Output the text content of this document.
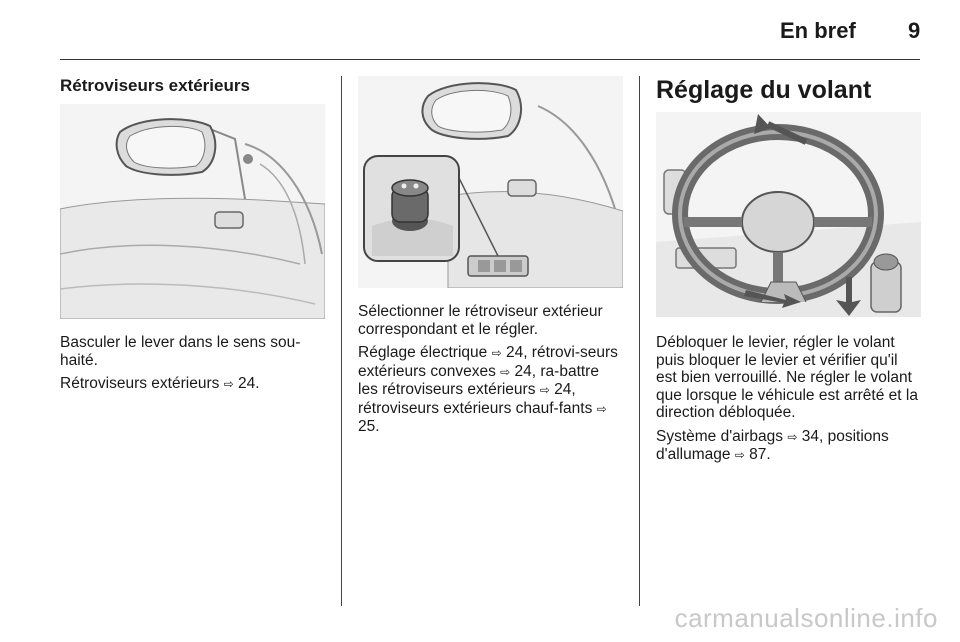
En bref 9
Rétroviseurs extérieurs

Basculer le lever dans le sens sou-haité.

Rétroviseurs extérieurs ⇨ 24.

Sélectionner le rétroviseur extérieur correspondant et le régler.

Réglage électrique ⇨ 24, rétrovi-seurs extérieurs convexes ⇨ 24, ra-battre les rétroviseurs extérieurs ⇨ 24, rétroviseurs extérieurs chauf-fants ⇨ 25.

Réglage du volant

Débloquer le levier, régler le volant puis bloquer le levier et vérifier qu'il est bien verrouillé. Ne régler le volant que lorsque le véhicule est arrêté et la direction débloquée.

Système d'airbags ⇨ 34, positions d'allumage ⇨ 87.

carmanualsonline.info
